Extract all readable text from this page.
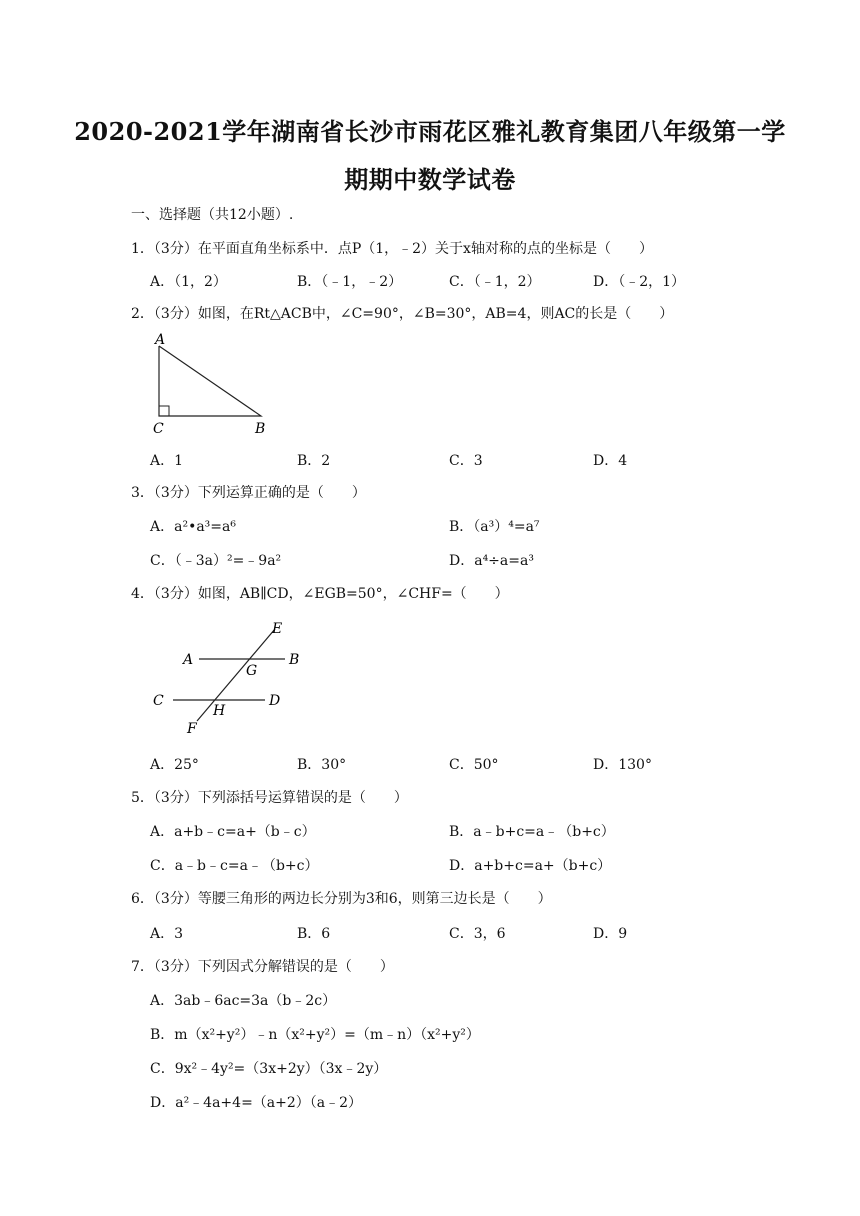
2020-2021学年湖南省长沙市雨花区雅礼教育集团八年级第一学
期期中数学试卷
一、选择题（共12小题）.
1．（3分）在平面直角坐标系中．点P（1，﹣2）关于x轴对称的点的坐标是（　　）
A．（1，2）	B．（﹣1，﹣2）	C．（﹣1，2）	D．（﹣2，1）
2．（3分）如图，在Rt△ACB中，∠C=90°，∠B=30°，AB=4，则AC的长是（　　）
A
C	B
A．1	B．2	C．3	D．4
3．（3分）下列运算正确的是（　　）
A．a²•a³=a⁶	B．（a³）⁴=a⁷
C．（﹣3a）²=﹣9a²	D．a⁴÷a=a³
4．（3分）如图，AB∥CD，∠EGB=50°，∠CHF=（　　）
E
A
G
B
C
H
D
F
A．25°	B．30°	C．50°	D．130°
5．（3分）下列添括号运算错误的是（　　）
A．a+b﹣c=a+（b﹣c）	B．a﹣b+c=a﹣（b+c）
C．a﹣b﹣c=a﹣（b+c）	D．a+b+c=a+（b+c）
6．（3分）等腰三角形的两边长分别为3和6，则第三边长是（　　）
A．3	B．6	C．3，6	D．9
7．（3分）下列因式分解错误的是（　　）
A．3ab﹣6ac=3a（b﹣2c）
B．m（x²+y²）﹣n（x²+y²）=（m﹣n）（x²+y²）
C．9x²﹣4y²=（3x+2y）（3x﹣2y）
D．a²﹣4a+4=（a+2）（a﹣2）
